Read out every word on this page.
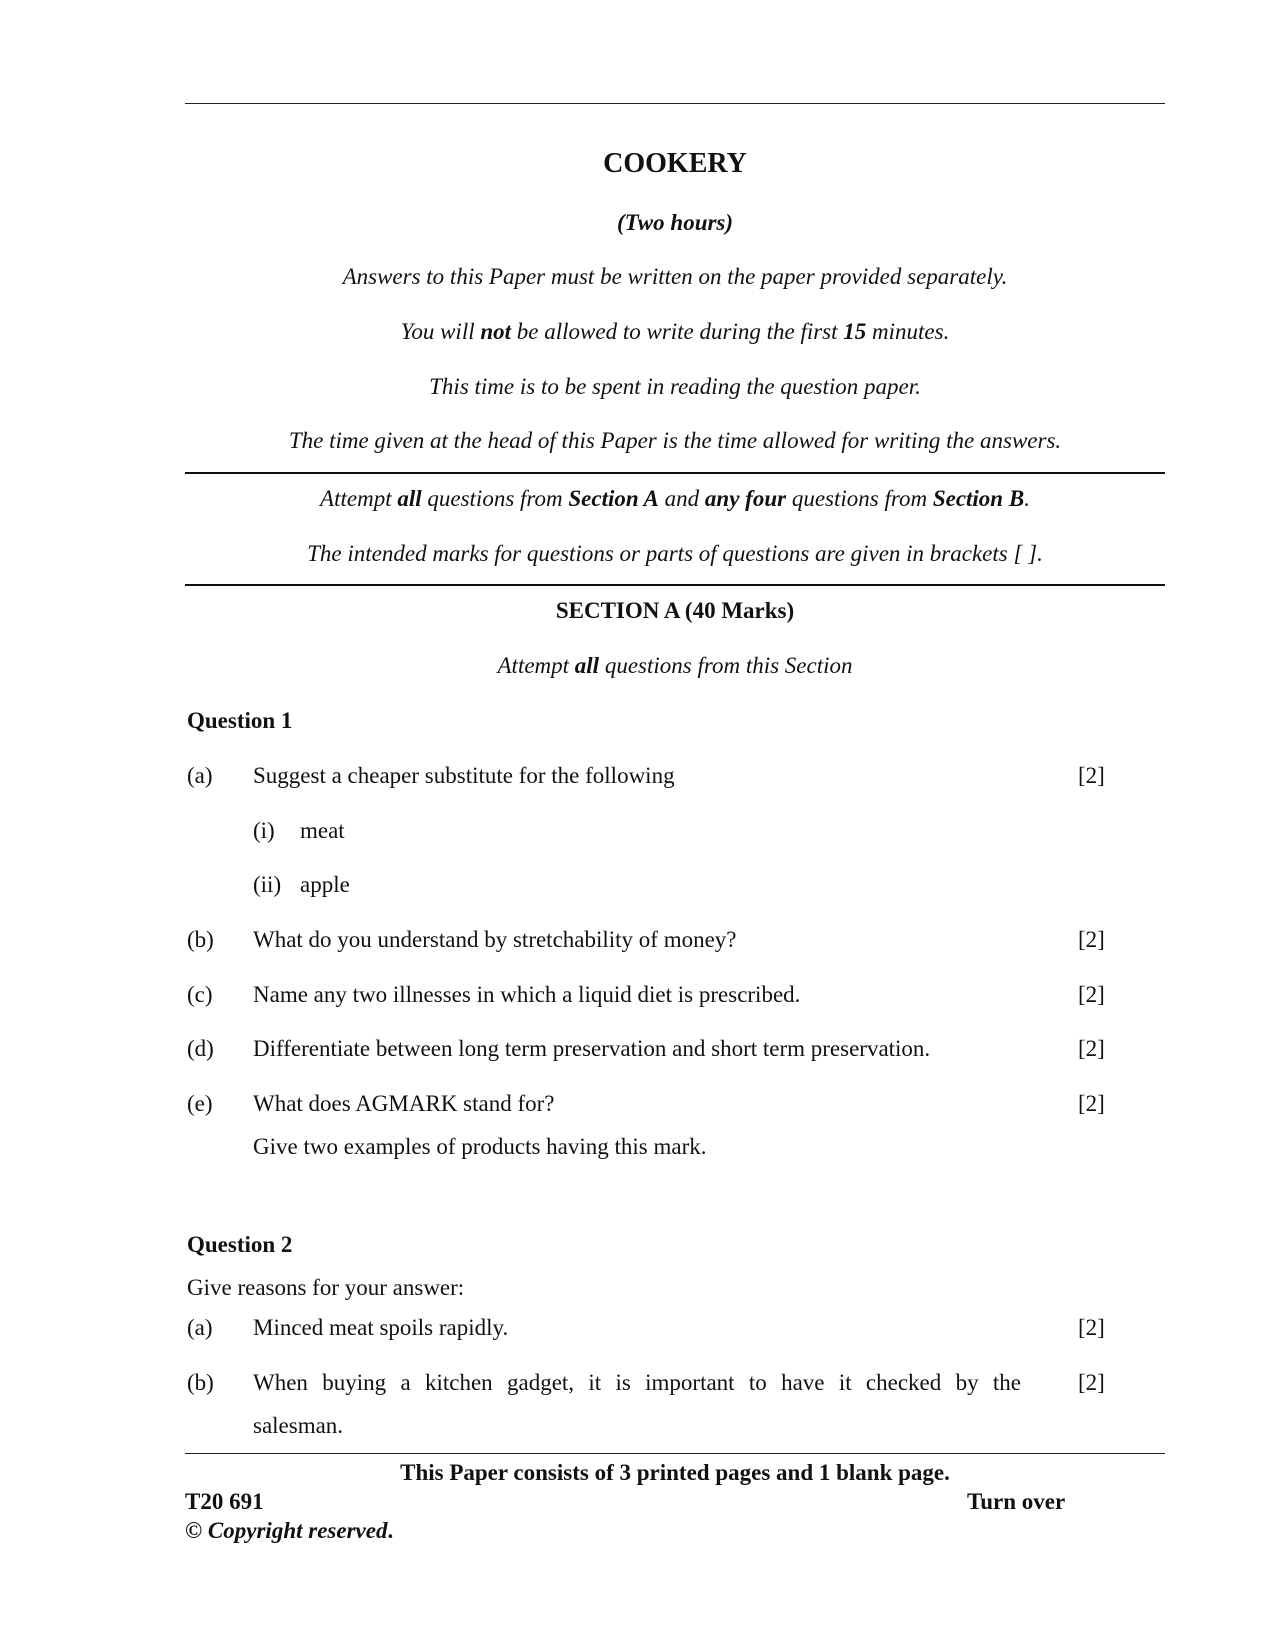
COOKERY
(Two hours)
Answers to this Paper must be written on the paper provided separately.
You will not be allowed to write during the first 15 minutes.
This time is to be spent in reading the question paper.
The time given at the head of this Paper is the time allowed for writing the answers.
Attempt all questions from Section A and any four questions from Section B.
The intended marks for questions or parts of questions are given in brackets [ ].
SECTION A (40 Marks)
Attempt all questions from this Section
Question 1
(a) Suggest a cheaper substitute for the following	[2]
(i) meat
(ii) apple
(b) What do you understand by stretchability of money?	[2]
(c) Name any two illnesses in which a liquid diet is prescribed.	[2]
(d) Differentiate between long term preservation and short term preservation.	[2]
(e) What does AGMARK stand for?	[2]
Give two examples of products having this mark.
Question 2
Give reasons for your answer:
(a) Minced meat spoils rapidly.	[2]
(b) When buying a kitchen gadget, it is important to have it checked by the [2]
salesman.
This Paper consists of 3 printed pages and 1 blank page.
T20 691	Turn over
© Copyright reserved.
